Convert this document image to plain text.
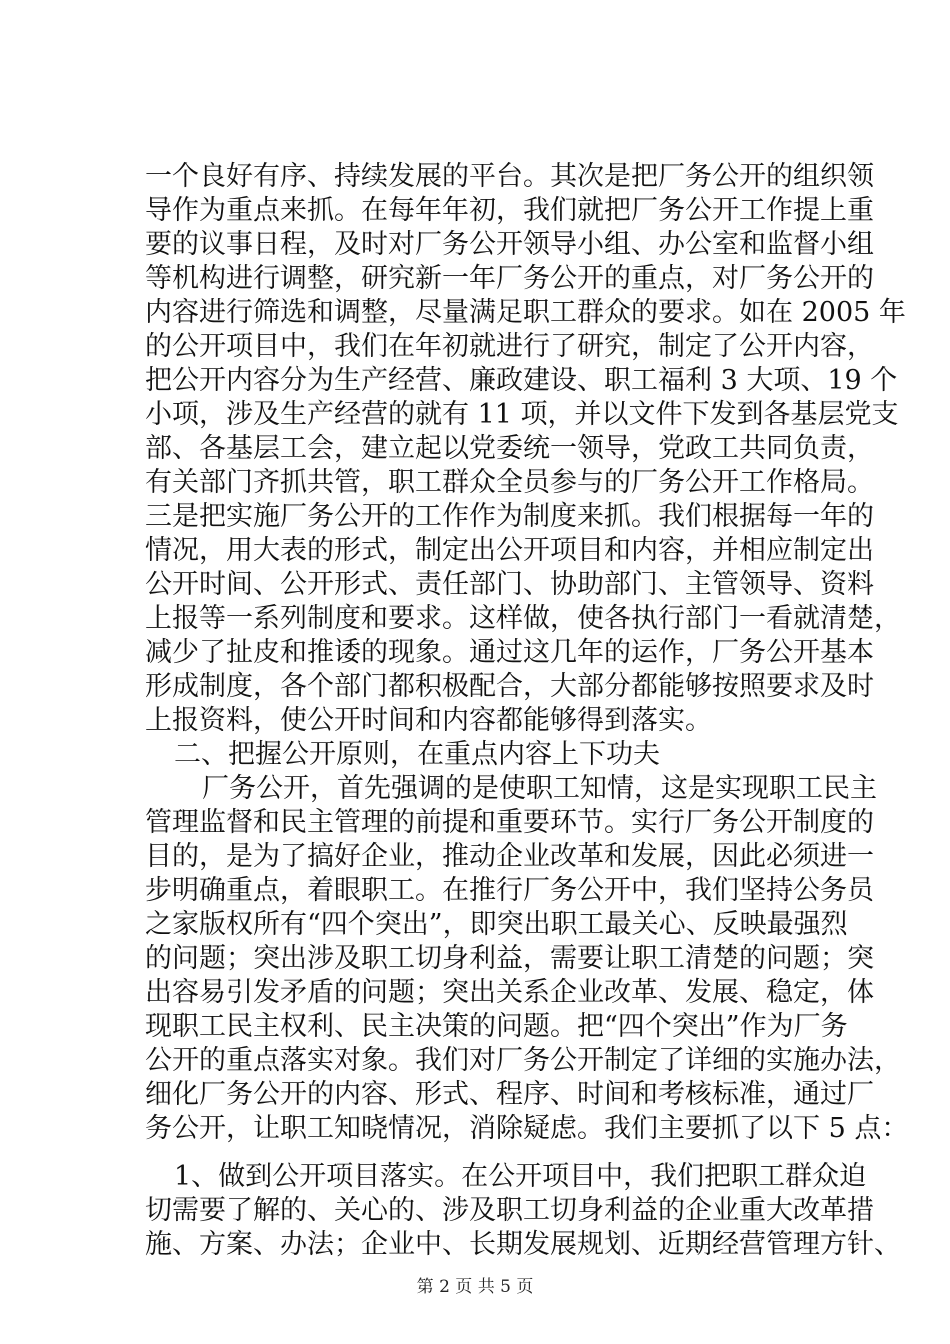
一个良好有序、持续发展的平台。其次是把厂务公开的组织领
导作为重点来抓。在每年年初，我们就把厂务公开工作提上重
要的议事日程，及时对厂务公开领导小组、办公室和监督小组
等机构进行调整，研究新一年厂务公开的重点，对厂务公开的
内容进行筛选和调整，尽量满足职工群众的要求。如在 2005 年
的公开项目中，我们在年初就进行了研究，制定了公开内容，
把公开内容分为生产经营、廉政建设、职工福利 3 大项、19 个
小项，涉及生产经营的就有 11 项，并以文件下发到各基层党支
部、各基层工会，建立起以党委统一领导，党政工共同负责，
有关部门齐抓共管，职工群众全员参与的厂务公开工作格局。
三是把实施厂务公开的工作作为制度来抓。我们根据每一年的
情况，用大表的形式，制定出公开项目和内容，并相应制定出
公开时间、公开形式、责任部门、协助部门、主管领导、资料
上报等一系列制度和要求。这样做，使各执行部门一看就清楚，
减少了扯皮和推诿的现象。通过这几年的运作，厂务公开基本
形成制度，各个部门都积极配合，大部分都能够按照要求及时
上报资料，使公开时间和内容都能够得到落实。
二、把握公开原则，在重点内容上下功夫
厂务公开，首先强调的是使职工知情，这是实现职工民主
管理监督和民主管理的前提和重要环节。实行厂务公开制度的
目的，是为了搞好企业，推动企业改革和发展，因此必须进一
步明确重点，着眼职工。在推行厂务公开中，我们坚持公务员
之家版权所有“四个突出”，即突出职工最关心、反映最强烈
的问题；突出涉及职工切身利益，需要让职工清楚的问题；突
出容易引发矛盾的问题；突出关系企业改革、发展、稳定，体
现职工民主权利、民主决策的问题。把“四个突出”作为厂务
公开的重点落实对象。我们对厂务公开制定了详细的实施办法，
细化厂务公开的内容、形式、程序、时间和考核标准，通过厂
务公开，让职工知晓情况，消除疑虑。我们主要抓了以下 5 点：
1、做到公开项目落实。在公开项目中，我们把职工群众迫
切需要了解的、关心的、涉及职工切身利益的企业重大改革措
施、方案、办法；企业中、长期发展规划、近期经营管理方针、
第 2 页 共 5 页
